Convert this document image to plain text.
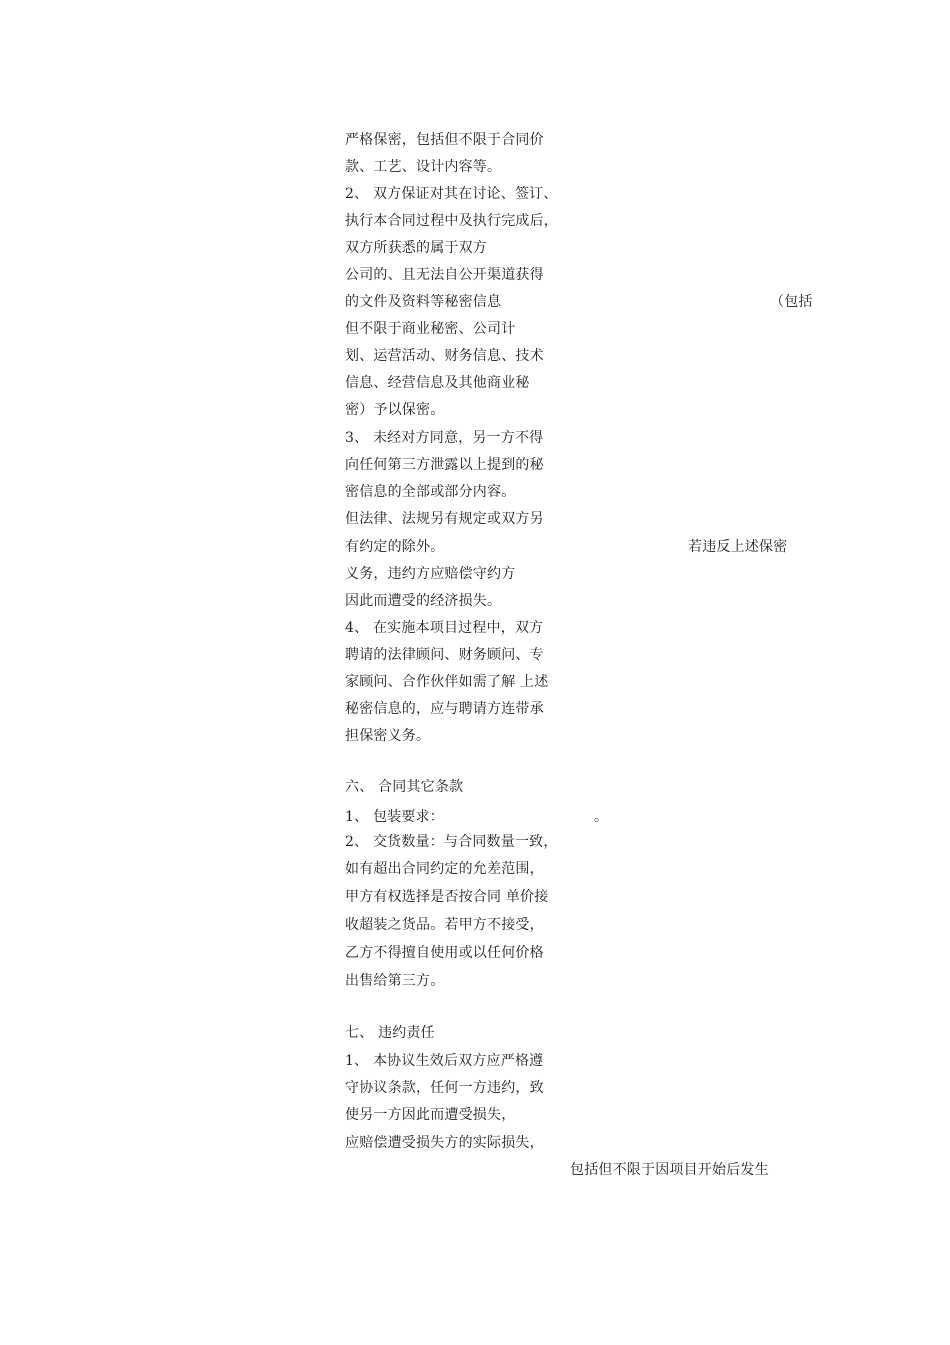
严格保密，包括但不限于合同价
款、工艺、设计内容等。
2、 双方保证对其在讨论、签订、
执行本合同过程中及执行完成后，
双方所获悉的属于双方
公司的、且无法自公开渠道获得
的文件及资料等秘密信息	（包括
但不限于商业秘密、公司计
划、运营活动、财务信息、技术
信息、经营信息及其他商业秘
密）予以保密。
3、 未经对方同意，另一方不得
向任何第三方泄露以上提到的秘
密信息的全部或部分内容。
但法律、法规另有规定或双方另
有约定的除外。	若违反上述保密
义务，违约方应赔偿守约方
因此而遭受的经济损失。
4、 在实施本项目过程中，双方
聘请的法律顾问、财务顾问、专
家顾问、合作伙伴如需了解 上述
秘密信息的，应与聘请方连带承
担保密义务。
六、 合同其它条款
1、 包装要求：	。
2、 交货数量：与合同数量一致，
如有超出合同约定的允差范围，
甲方有权选择是否按合同 单价接
收超装之货品。若甲方不接受，
乙方不得擅自使用或以任何价格
出售给第三方。
七、 违约责任
1、 本协议生效后双方应严格遵
守协议条款，任何一方违约，致
使另一方因此而遭受损失，
应赔偿遭受损失方的实际损失，
包括但不限于因项目开始后发生
